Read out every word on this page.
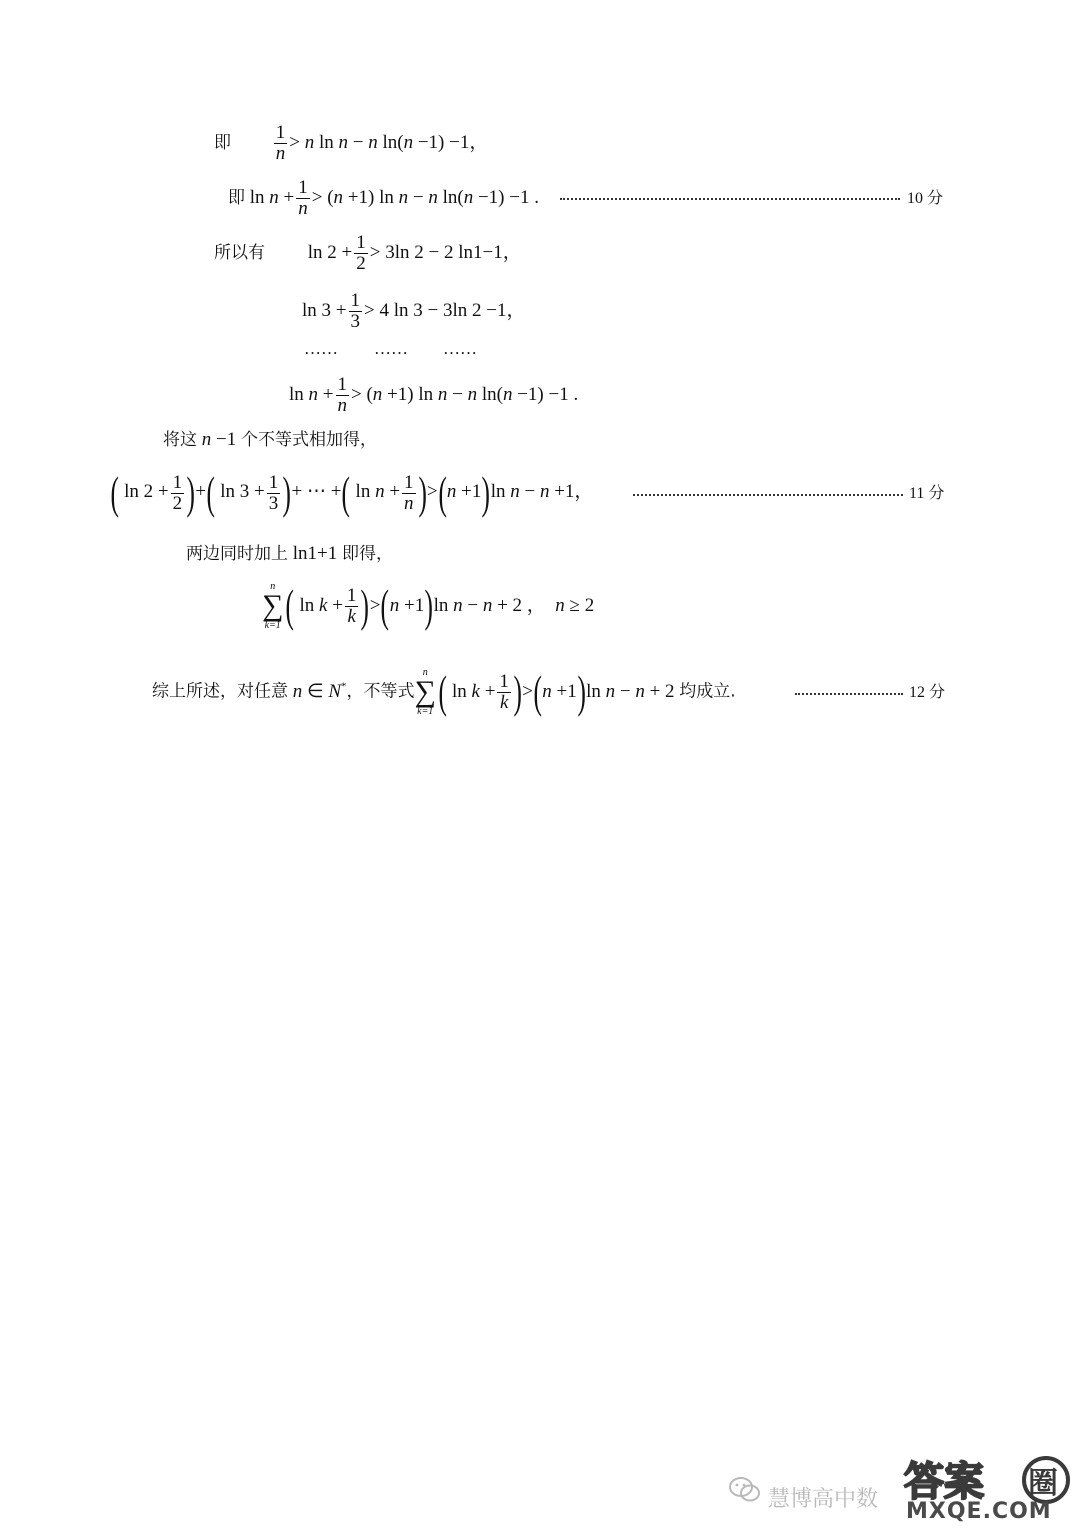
即 $\frac{1}{n} > n$ ln n − n ln(n −1) −1，
即 $\ln n + \frac{1}{n} > (n +1)$ ln n − n ln(n −1) −1 .	10 分
所以有 $\ln 2 + \frac{1}{2} > 3\ln$ 2 − 2 ln1−1，
$\ln 3 + \frac{1}{3} > 4$ ln 3 − 3ln 2 −1，
…… …… ……
$\ln n + \frac{1}{n} > (n +1)$ ln n − n ln(n −1) −1 .
将这 n −1 个不等式相加得，
( $\ln 2 + \frac{1}{2}$ )+( $\ln 3 + \frac{1}{3}$ )+ ⋯ +( $\ln n + \frac{1}{n} )>(n +1)\ln$ n − n +1，	11 分
两边同时加上 ln1+1 即得，
n
∑
k=1 ( $\ln k + \frac{1}{k} )>(n +1)\ln$ n − n + 2 ，  n ≥ 2
综上所述，对任意 n ∈ N*，不等式
n
∑
k=1 ( $\ln k + \frac{1}{k} )>(n +1)\ln$ n − n + 2 均成立.	12 分
慧博高中数 答案 圈
MXQE.COM
